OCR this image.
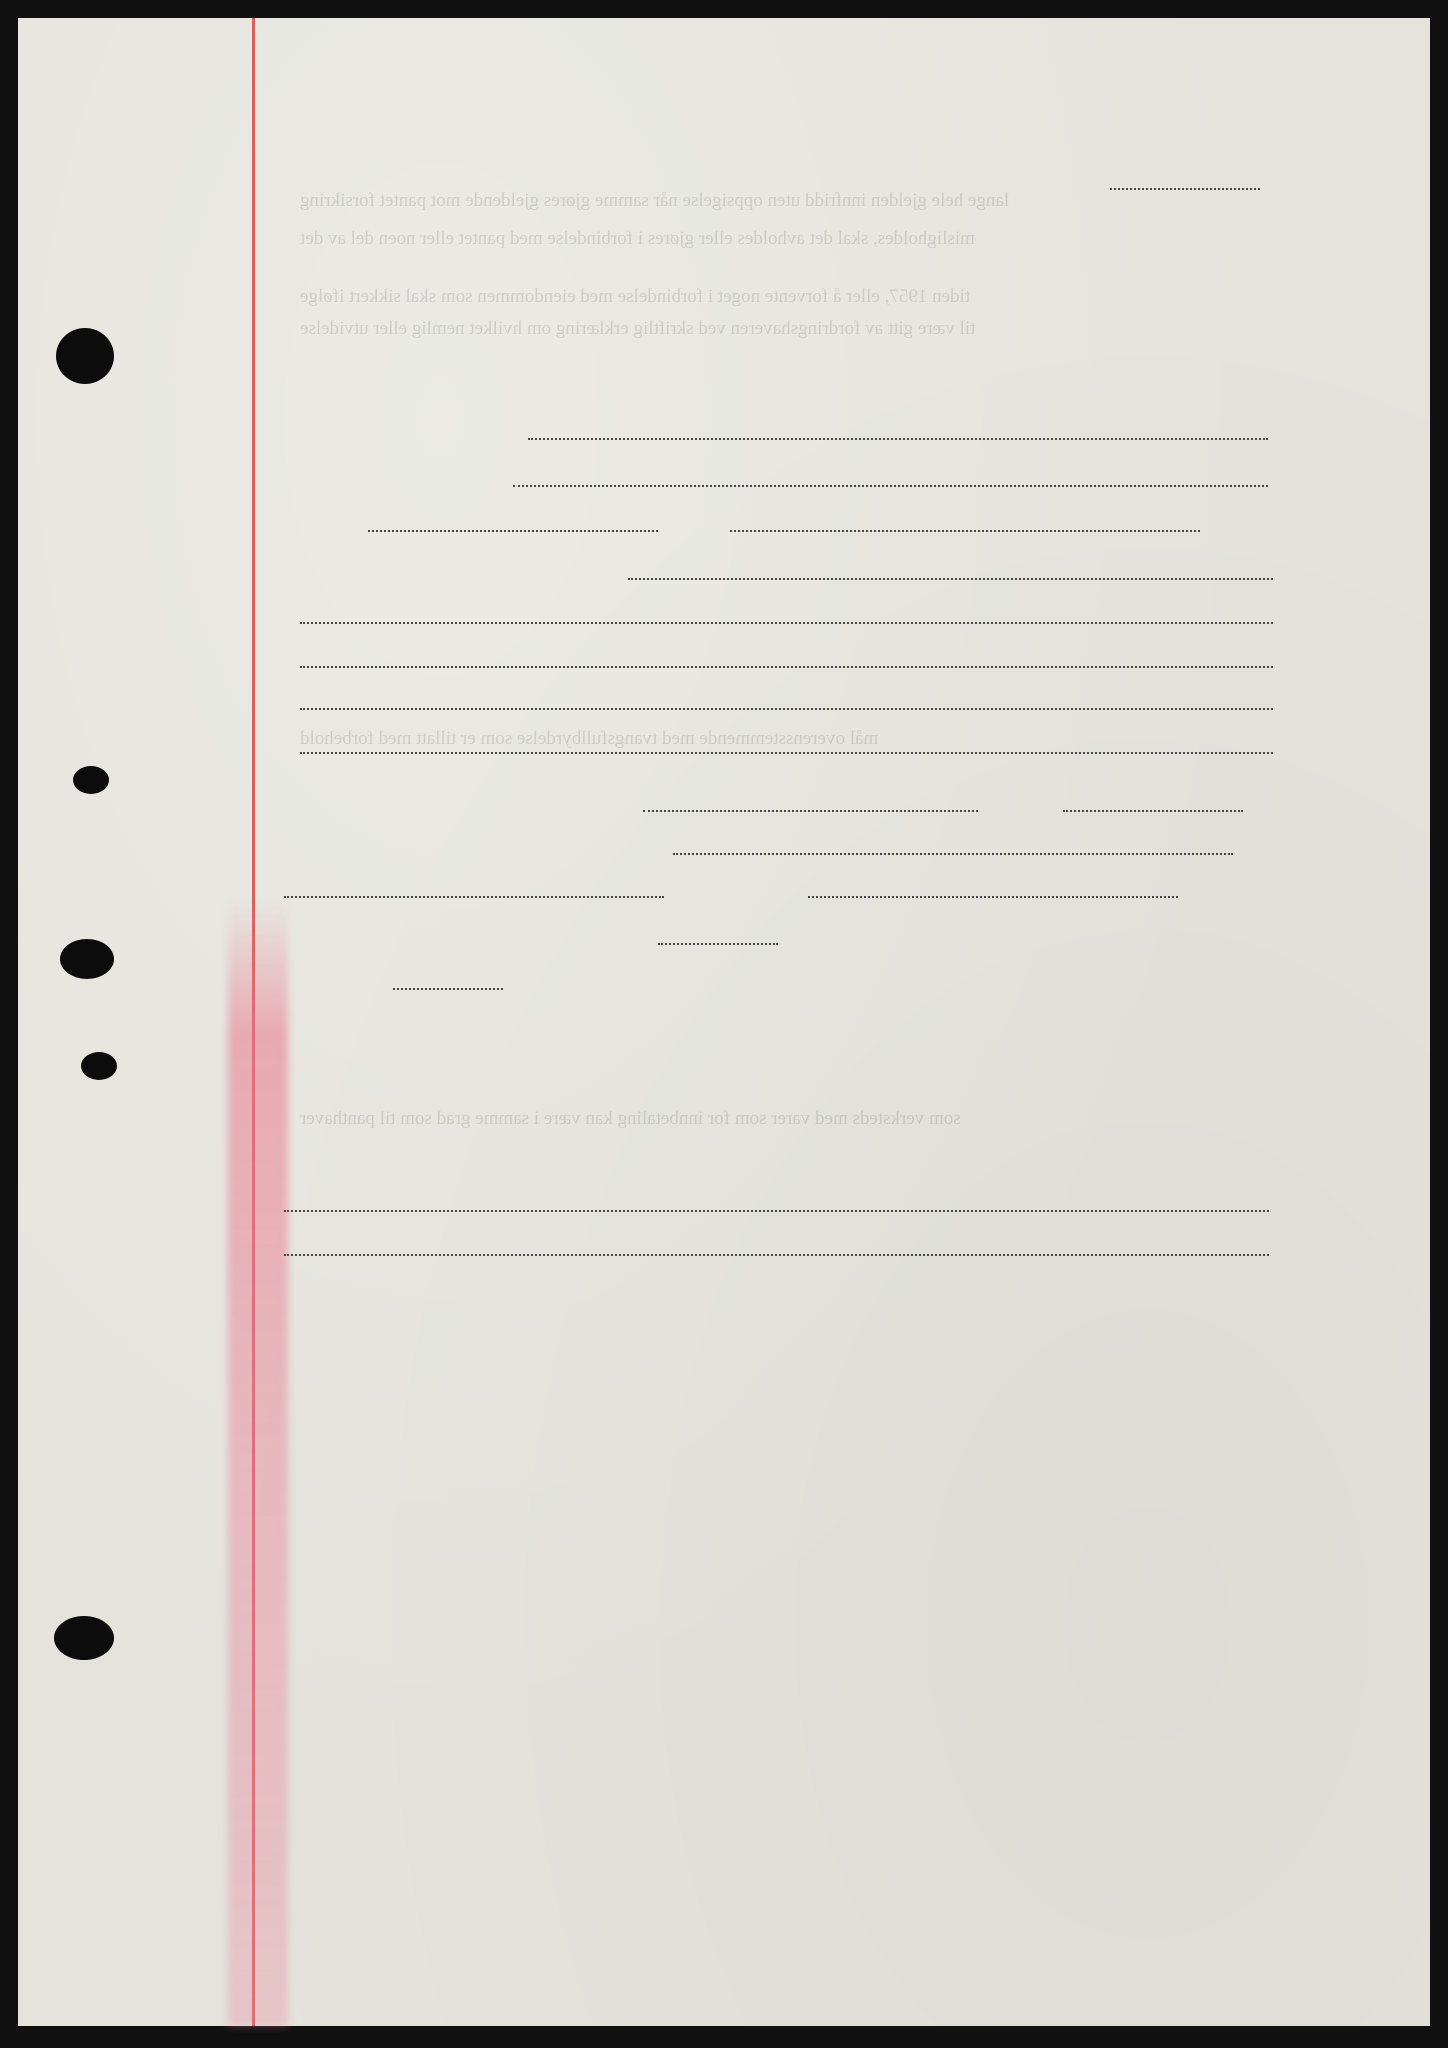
lange hele gjelden innfridd uten oppsigelse når samme gjøres gjeldende mot pantet forsikring
misligholdes, skal det avholdes eller gjøres i forbindelse med pantet eller noen del av det
tiden 1957, eller å forvente noget i forbindelse med eiendommen som skal sikkert ifølge
til være gitt av fordringshaveren ved skriftlig erklæring om hvilket nemlig eller utvidelse
mål overensstemmende med tvangsfullbyrdelse som er tillatt med forbehold
som verksteds med varer som for innbetaling kan være i samme grad som til panthaver
